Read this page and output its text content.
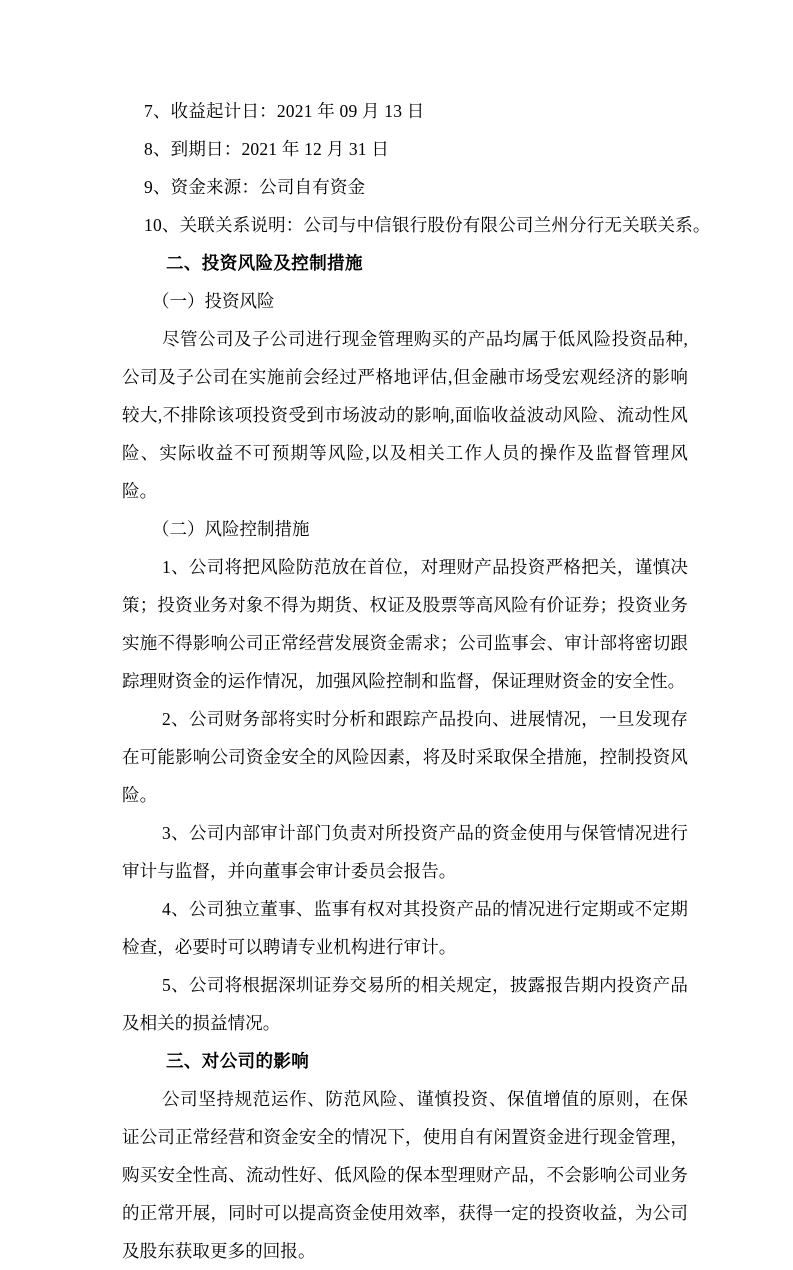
7、收益起计日：2021 年 09 月 13 日
8、到期日：2021 年 12 月 31 日
9、资金来源：公司自有资金
10、关联关系说明：公司与中信银行股份有限公司兰州分行无关联关系。
二、投资风险及控制措施
（一）投资风险

尽管公司及子公司进行现金管理购买的产品均属于低风险投资品种,公司及子公司在实施前会经过严格地评估,但金融市场受宏观经济的影响较大,不排除该项投资受到市场波动的影响,面临收益波动风险、流动性风险、实际收益不可预期等风险,以及相关工作人员的操作及监督管理风险。

（二）风险控制措施

1、公司将把风险防范放在首位，对理财产品投资严格把关，谨慎决策；投资业务对象不得为期货、权证及股票等高风险有价证券；投资业务实施不得影响公司正常经营发展资金需求；公司监事会、审计部将密切跟踪理财资金的运作情况，加强风险控制和监督，保证理财资金的安全性。

2、公司财务部将实时分析和跟踪产品投向、进展情况，一旦发现存在可能影响公司资金安全的风险因素，将及时采取保全措施，控制投资风险。

3、公司内部审计部门负责对所投资产品的资金使用与保管情况进行审计与监督，并向董事会审计委员会报告。

4、公司独立董事、监事有权对其投资产品的情况进行定期或不定期检查，必要时可以聘请专业机构进行审计。

5、公司将根据深圳证券交易所的相关规定，披露报告期内投资产品及相关的损益情况。

三、对公司的影响

公司坚持规范运作、防范风险、谨慎投资、保值增值的原则，在保证公司正常经营和资金安全的情况下，使用自有闲置资金进行现金管理，购买安全性高、流动性好、低风险的保本型理财产品，不会影响公司业务的正常开展，同时可以提高资金使用效率，获得一定的投资收益，为公司及股东获取更多的回报。
